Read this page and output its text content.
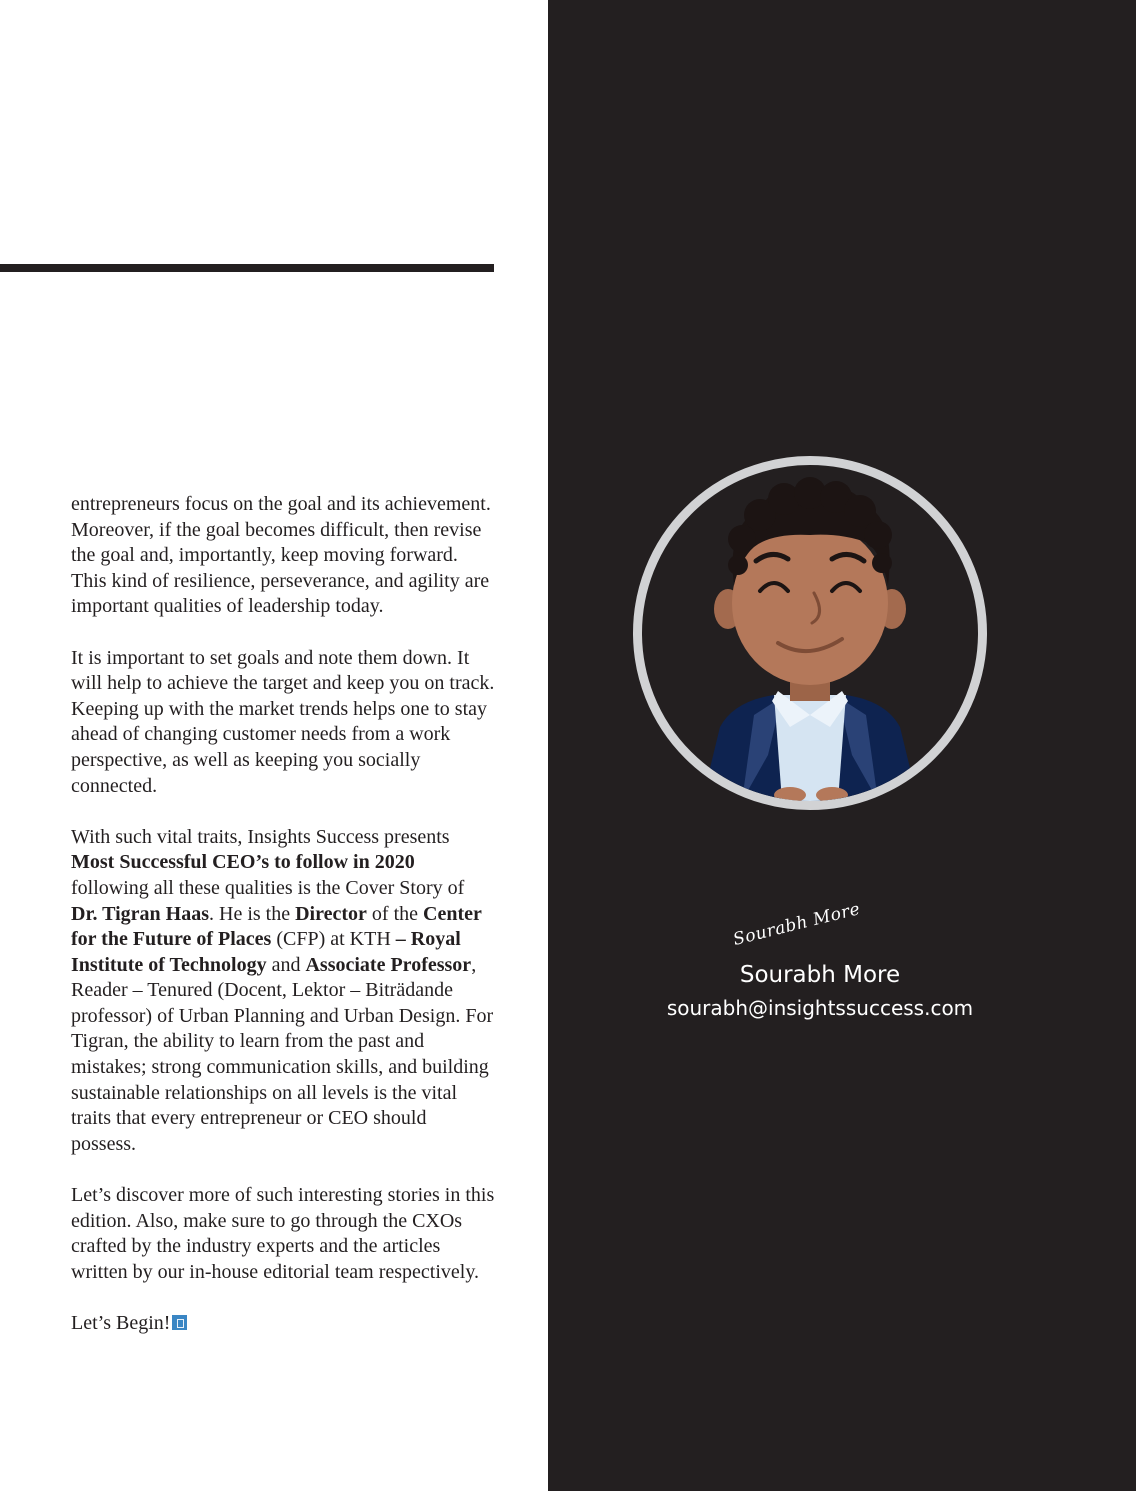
entrepreneurs focus on the goal and its achievement. Moreover, if the goal becomes difficult, then revise the goal and, importantly, keep moving forward. This kind of resilience, perseverance, and agility are important qualities of leadership today.

It is important to set goals and note them down. It will help to achieve the target and keep you on track. Keeping up with the market trends helps one to stay ahead of changing customer needs from a work perspective, as well as keeping you socially connected.

With such vital traits, Insights Success presents Most Successful CEO’s to follow in 2020 following all these qualities is the Cover Story of Dr. Tigran Haas. He is the Director of the Center for the Future of Places (CFP) at KTH – Royal Institute of Technology and Associate Professor, Reader – Tenured (Docent, Lektor – Biträdande professor) of Urban Planning and Urban Design. For Tigran, the ability to learn from the past and mistakes; strong communication skills, and building sustainable relationships on all levels is the vital traits that every entrepreneur or CEO should possess.

Let’s discover more of such interesting stories in this edition. Also, make sure to go through the CXOs crafted by the industry experts and the articles written by our in-house editorial team respectively.

Let’s Begin!

Sourabh More
Sourabh More
sourabh@insightssuccess.com
